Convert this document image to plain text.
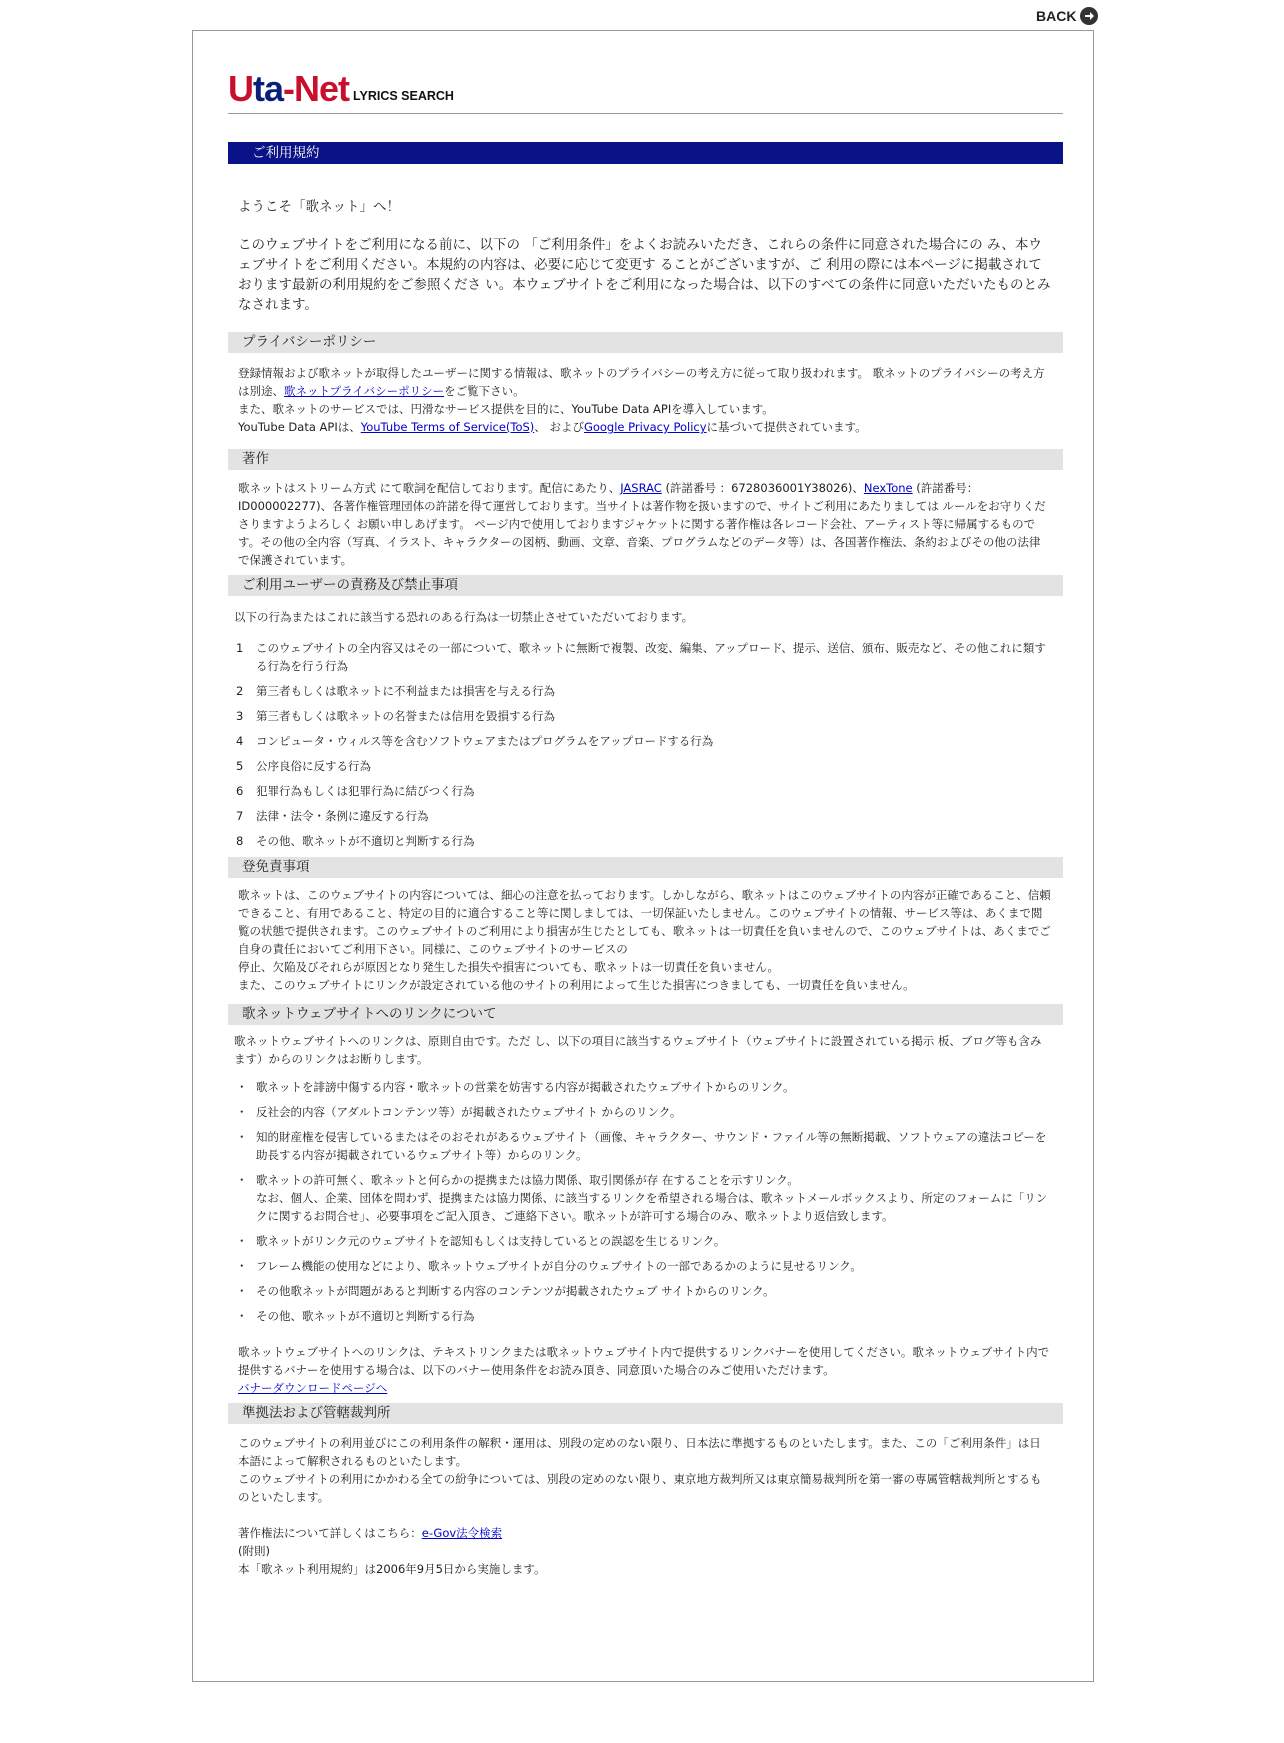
BACK
Uta-Net LYRICS SEARCH
ご利用規約
ようこそ「歌ネット」へ！
このウェブサイトをご利用になる前に、以下の 「ご利用条件」をよくお読みいただき、これらの条件に同意された場合にの み、本ウェブサイトをご利用ください。本規約の内容は、必要に応じて変更す ることがございますが、ご 利用の際には本ページに掲載されております最新の利用規約をご参照くださ い。本ウェブサイトをご利用になった場合は、以下のすべての条件に同意いただいたものとみなされます。
プライバシーポリシー
登録情報および歌ネットが取得したユーザーに関する情報は、歌ネットのプライバシーの考え方に従って取り扱われます。 歌ネットのプライバシーの考え方は別途、歌ネットプライバシーポリシーをご覧下さい。
また、歌ネットのサービスでは、円滑なサービス提供を目的に、YouTube Data APIを導入しています。
YouTube Data APIは、YouTube Terms of Service(ToS)、 およびGoogle Privacy Policyに基づいて提供されています。
著作
歌ネットはストリーム方式 にて歌詞を配信しております。配信にあたり、JASRAC (許諾番号 ：6728036001Y38026)、NexTone (許諾番号：ID000002277)、各著作権管理団体の許諾を得て運営しております。当サイトは著作物を扱いますので、サイトご利用にあたりましては ルールをお守りくださりますようよろしく お願い申しあげます。 ページ内で使用しておりますジャケットに関する著作権は各レコード会社、アーティスト等に帰属するものです。その他の全内容（写真、イラスト、キャラクターの図柄、動画、文章、音楽、プログラムなどのデータ等）は、各国著作権法、条約およびその他の法律で保護されています。
ご利用ユーザーの責務及び禁止事項
以下の行為またはこれに該当する恐れのある行為は一切禁止させていただいております。
1	このウェブサイトの全内容又はその一部について、歌ネットに無断で複製、改変、編集、アップロード、提示、送信、頒布、販売など、その他これに類する行為を行う行為
2	第三者もしくは歌ネットに不利益または損害を与える行為
3	第三者もしくは歌ネットの名誉または信用を毀損する行為
4	コンピュータ・ウィルス等を含むソフトウェアまたはプログラムをアップロードする行為
5	公序良俗に反する行為
6	犯罪行為もしくは犯罪行為に結びつく行為
7	法律・法令・条例に違反する行為
8	その他、歌ネットが不適切と判断する行為
登免責事項
歌ネットは、このウェブサイトの内容については、細心の注意を払っております。しかしながら、歌ネットはこのウェブサイトの内容が正確であること、信頼 できること、有用であること、特定の目的に適合すること等に関しましては、一切保証いたしません。このウェブサイトの情報、サービス等は、あくまで閲覧の状態で提供されます。このウェブサイトのご利用により損害が生じたとしても、歌ネットは一切責任を負いませんので、このウェブサイトは、あくまでご自身の責任においてご利用下さい。同様に、このウェブサイトのサービスの
停止、欠陥及びそれらが原因となり発生した損失や損害についても、歌ネットは一切責任を負いません。
また、このウェブサイトにリンクが設定されている他のサイトの利用によって生じた損害につきましても、一切責任を負いません。
歌ネットウェブサイトへのリンクについて
歌ネットウェブサイトへのリンクは、原則自由です。ただ し、以下の項目に該当するウェブサイト（ウェブサイトに設置されている掲示 板、ブログ等も含みます）からのリンクはお断りします。
・ 歌ネットを誹謗中傷する内容・歌ネットの営業を妨害する内容が掲載されたウェブサイトからのリンク。
・ 反社会的内容（アダルトコンテンツ等）が掲載されたウェブサイト からのリンク。
・ 知的財産権を侵害しているまたはそのおそれがあるウェブサイト（画像、キャラクター、サウンド・ファイル等の無断掲載、ソフトウェアの違法コピーを助長する内容が掲載されているウェブサイト等）からのリンク。
・ 歌ネットの許可無く、歌ネットと何らかの提携または協力関係、取引関係が存 在することを示すリンク。
なお、個人、企業、団体を問わず、提携または協力関係、に該当するリンクを希望される場合は、歌ネットメールボックスより、所定のフォームに「リンクに関するお問合せ」、必要事項をご記入頂き、ご連絡下さい。歌ネットが許可する場合のみ、歌ネットより返信致します。
・ 歌ネットがリンク元のウェブサイトを認知もしくは支持しているとの誤認を生じるリンク。
・ フレーム機能の使用などにより、歌ネットウェブサイトが自分のウェブサイトの一部であるかのように見せるリンク。
・ その他歌ネットが問題があると判断する内容のコンテンツが掲載されたウェブ サイトからのリンク。
・ その他、歌ネットが不適切と判断する行為
歌ネットウェブサイトへのリンクは、テキストリンクまたは歌ネットウェブサイト内で提供するリンクバナーを使用してください。歌ネットウェブサイト内で提供するバナーを使用する場合は、以下のバナー使用条件をお読み頂き、同意頂いた場合のみご使用いただけます。
バナーダウンロードページへ
準拠法および管轄裁判所
このウェブサイトの利用並びにこの利用条件の解釈・運用は、別段の定めのない限り、日本法に準拠するものといたします。また、この「ご利用条件」は日本語によって解釈されるものといたします。
このウェブサイトの利用にかかわる全ての紛争については、別段の定めのない限り、東京地方裁判所又は東京簡易裁判所を第一審の専属管轄裁判所とするものといたします。
著作権法について詳しくはこちら：e-Gov法令検索
(附則)
本「歌ネット利用規約」は2006年9月5日から実施します。
